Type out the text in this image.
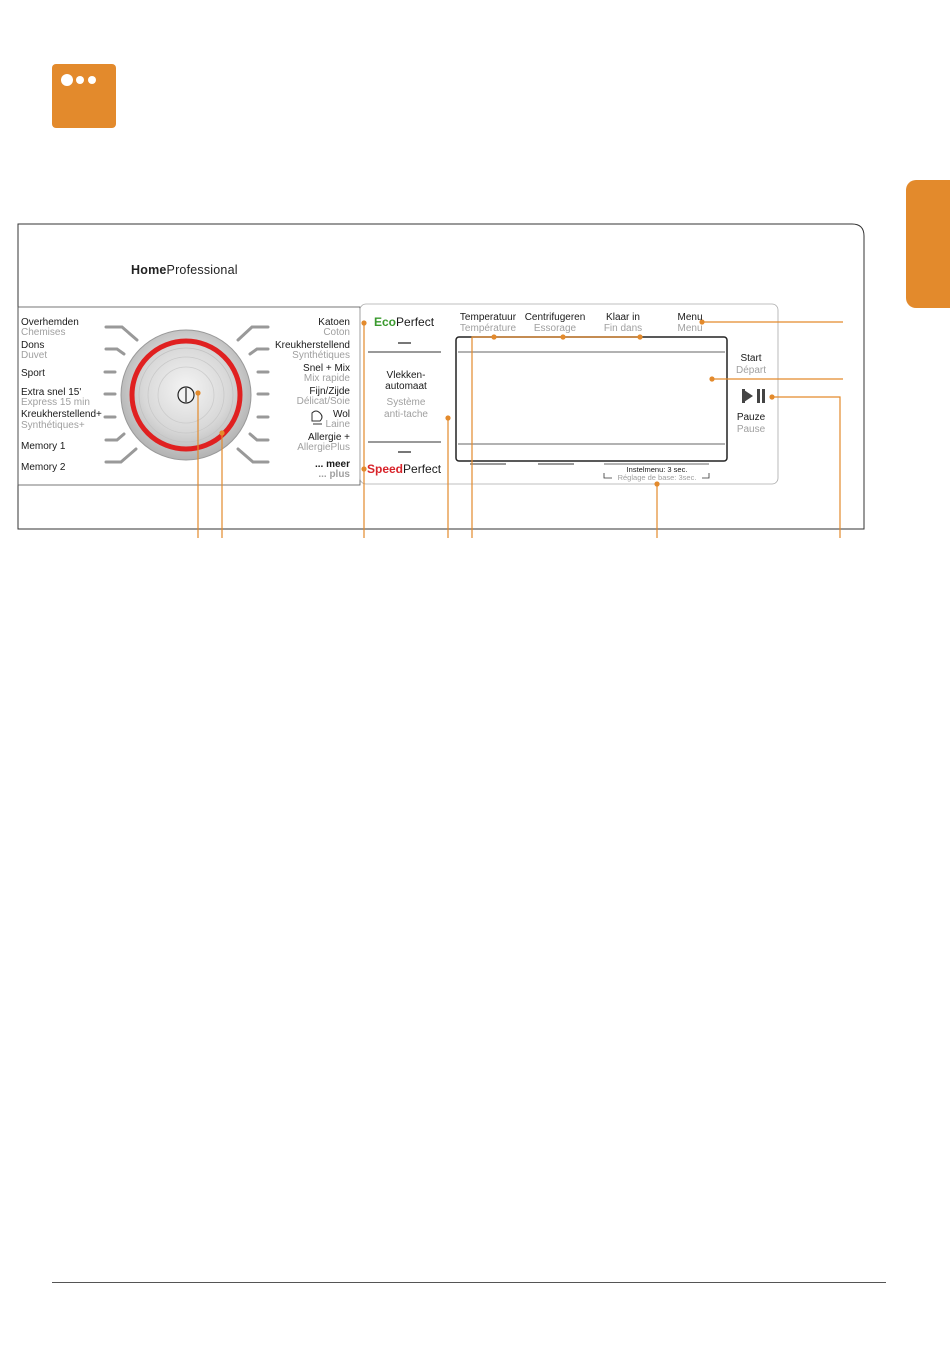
HomeProfessional
Overhemden
Chemises
Dons
Duvet
Sport
Extra snel 15'
Express 15 min
Kreukherstellend+
Synthétiques+
Memory 1
Memory 2
Katoen
Coton
Kreukherstellend
Synthétiques
Snel + Mix
Mix rapide
Fijn/Zijde
Délicat/Soie
Wol
Laine
Allergie +
AllergiePlus
... meer
... plus
EcoPerfect
Vlekken-
automaat
Système
anti-tache
SpeedPerfect
Temperatuur
Température
Centrifugeren
Essorage
Klaar in
Fin dans
Menu
Menu
Start
Départ
Pauze
Pause
Instelmenu: 3 sec.
Réglage de base: 3sec.
